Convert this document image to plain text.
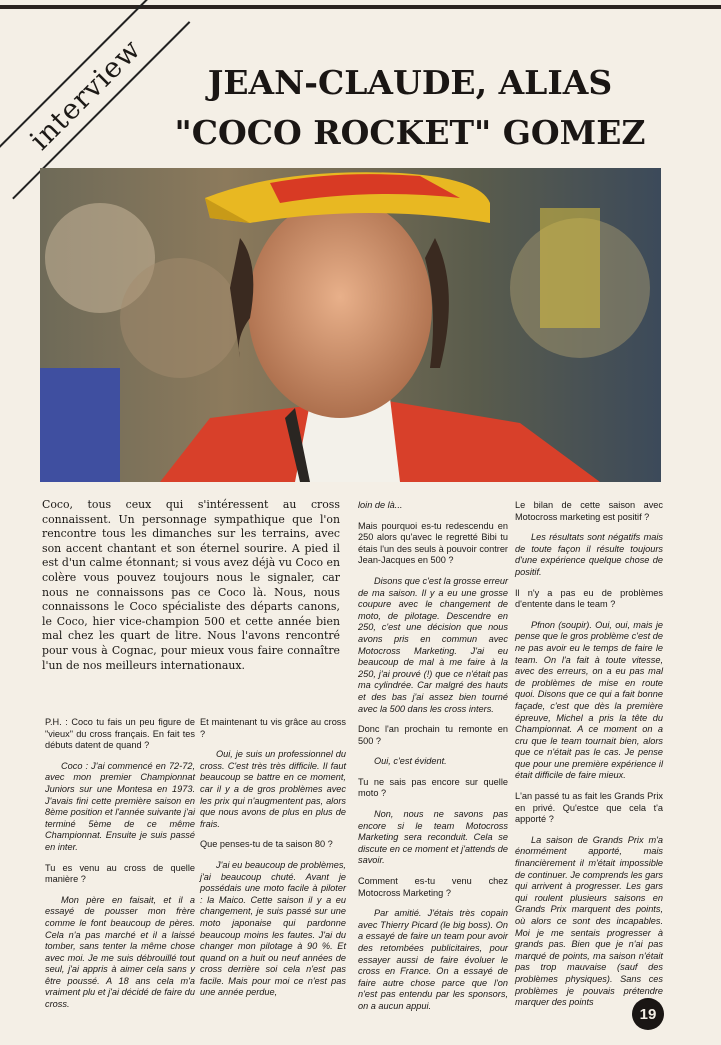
interview	JEAN-CLAUDE, ALIAS
"COCO ROCKET" GOMEZ

Coco, tous ceux qui s'intéressent au cross connaissent. Un personnage sympathique que l'on rencontre tous les dimanches sur les terrains, avec son accent chantant et son éternel sourire. A pied il est d'un calme étonnant; si vous avez déjà vu Coco en colère vous pouvez toujours nous le signaler, car nous ne connaissons pas ce Coco là. Nous, nous connaissons le Coco spécialiste des départs canons, le Coco, hier vice-champion 500 et cette année bien mal chez les quart de litre. Nous l'avons rencontré pour vous à Cognac, pour mieux vous faire connaître l'un de nos meilleurs internationaux.

P.H. : Coco tu fais un peu figure de "vieux" du cross français. En fait tes débuts datent de quand ?

Coco : J'ai commencé en 72-72, avec mon premier Championnat Juniors sur une Montesa en 1973. J'avais fini cette première saison en 8ème position et l'année suivante j'ai terminé 5ème de ce même Championnat. Ensuite je suis passé en inter.

Tu es venu au cross de quelle manière ?

Mon père en faisait, et il a essayé de pousser mon frère comme le font beaucoup de pères. Cela n'a pas marché et il a laissé tomber, sans tenter la même chose avec moi. Je me suis débrouillé tout seul, j'ai appris à aimer cela sans y être poussé. A 18 ans cela m'a vraiment plu et j'ai décidé de faire du cross.

Et maintenant tu vis grâce au cross ?

Oui, je suis un professionnel du cross. C'est très très difficile. Il faut beaucoup se battre en ce moment, car il y a de gros problèmes avec les prix qui n'augmentent pas, alors que nous avons de plus en plus de frais.

Que penses-tu de ta saison 80 ?

J'ai eu beaucoup de problèmes, j'ai beaucoup chuté. Avant je possédais une moto facile à piloter : la Maico. Cette saison il y a eu changement, je suis passé sur une moto japonaise qui pardonne beaucoup moins les fautes. J'ai du changer mon pilotage à 90 %. Et quand on a huit ou neuf années de cross derrière soi cela n'est pas facile. Mais pour moi ce n'est pas une année perdue,

loin de là...

Mais pourquoi es-tu redescendu en 250 alors qu'avec le regretté Bibi tu étais l'un des seuls à pouvoir contrer Jean-Jacques en 500 ?

Disons que c'est la grosse erreur de ma saison. Il y a eu une grosse coupure avec le changement de moto, de pilotage. Descendre en 250, c'est une décision que nous avons pris en commun avec Motocross Marketing. J'ai eu beaucoup de mal à me faire à la 250, j'ai prouvé (!) que ce n'était pas ma cylindrée. Car malgré des hauts et des bas j'ai assez bien tourné avec la 500 dans les cross inters.

Donc l'an prochain tu remonte en 500 ?

Oui, c'est évident.

Tu ne sais pas encore sur quelle moto ?

Non, nous ne savons pas encore si le team Motocross Marketing sera reconduit. Cela se discute en ce moment et j'attends de savoir.

Comment es-tu venu chez Motocross Marketing ?

Par amitié. J'étais très copain avec Thierry Picard (le big boss). On a essayé de faire un team pour avoir des retombées publicitaires, pour essayer aussi de faire évoluer le cross en France. On a essayé de faire autre chose parce que l'on n'est pas entendu par les sponsors, on a aucun appui.

Le bilan de cette saison avec Motocross marketing est positif ?

Les résultats sont négatifs mais de toute façon il résulte toujours d'une expérience quelque chose de positif.

Il n'y a pas eu de problèmes d'entente dans le team ?

Pfnon (soupir). Oui, oui, mais je pense que le gros problème c'est de ne pas avoir eu le temps de faire le team. On l'a fait à toute vitesse, avec des erreurs, on a eu pas mal de problèmes de mise en route quoi. Disons que ce qui a fait bonne façade, c'est que dès la première épreuve, Michel a pris la tête du Championnat. A ce moment on a cru que le team tournait bien, alors que ce n'était pas le cas. Je pense que pour une première expérience il était difficile de faire mieux.

L'an passé tu as fait les Grands Prix en privé. Qu'estce que cela t'a apporté ?

La saison de Grands Prix m'a énormément apporté, mais financièrement il m'était impossible de continuer. Je comprends les gars qui arrivent à progresser. Les gars qui roulent plusieurs saisons en Grands Prix marquent des points, où alors ce sont des incapables. Moi je me sentais progresser à grands pas. Bien que je n'ai pas marqué de points, ma saison n'était pas trop mauvaise (sauf des problèmes physiques). Sans ces problèmes je pouvais prétendre marquer des points

19
